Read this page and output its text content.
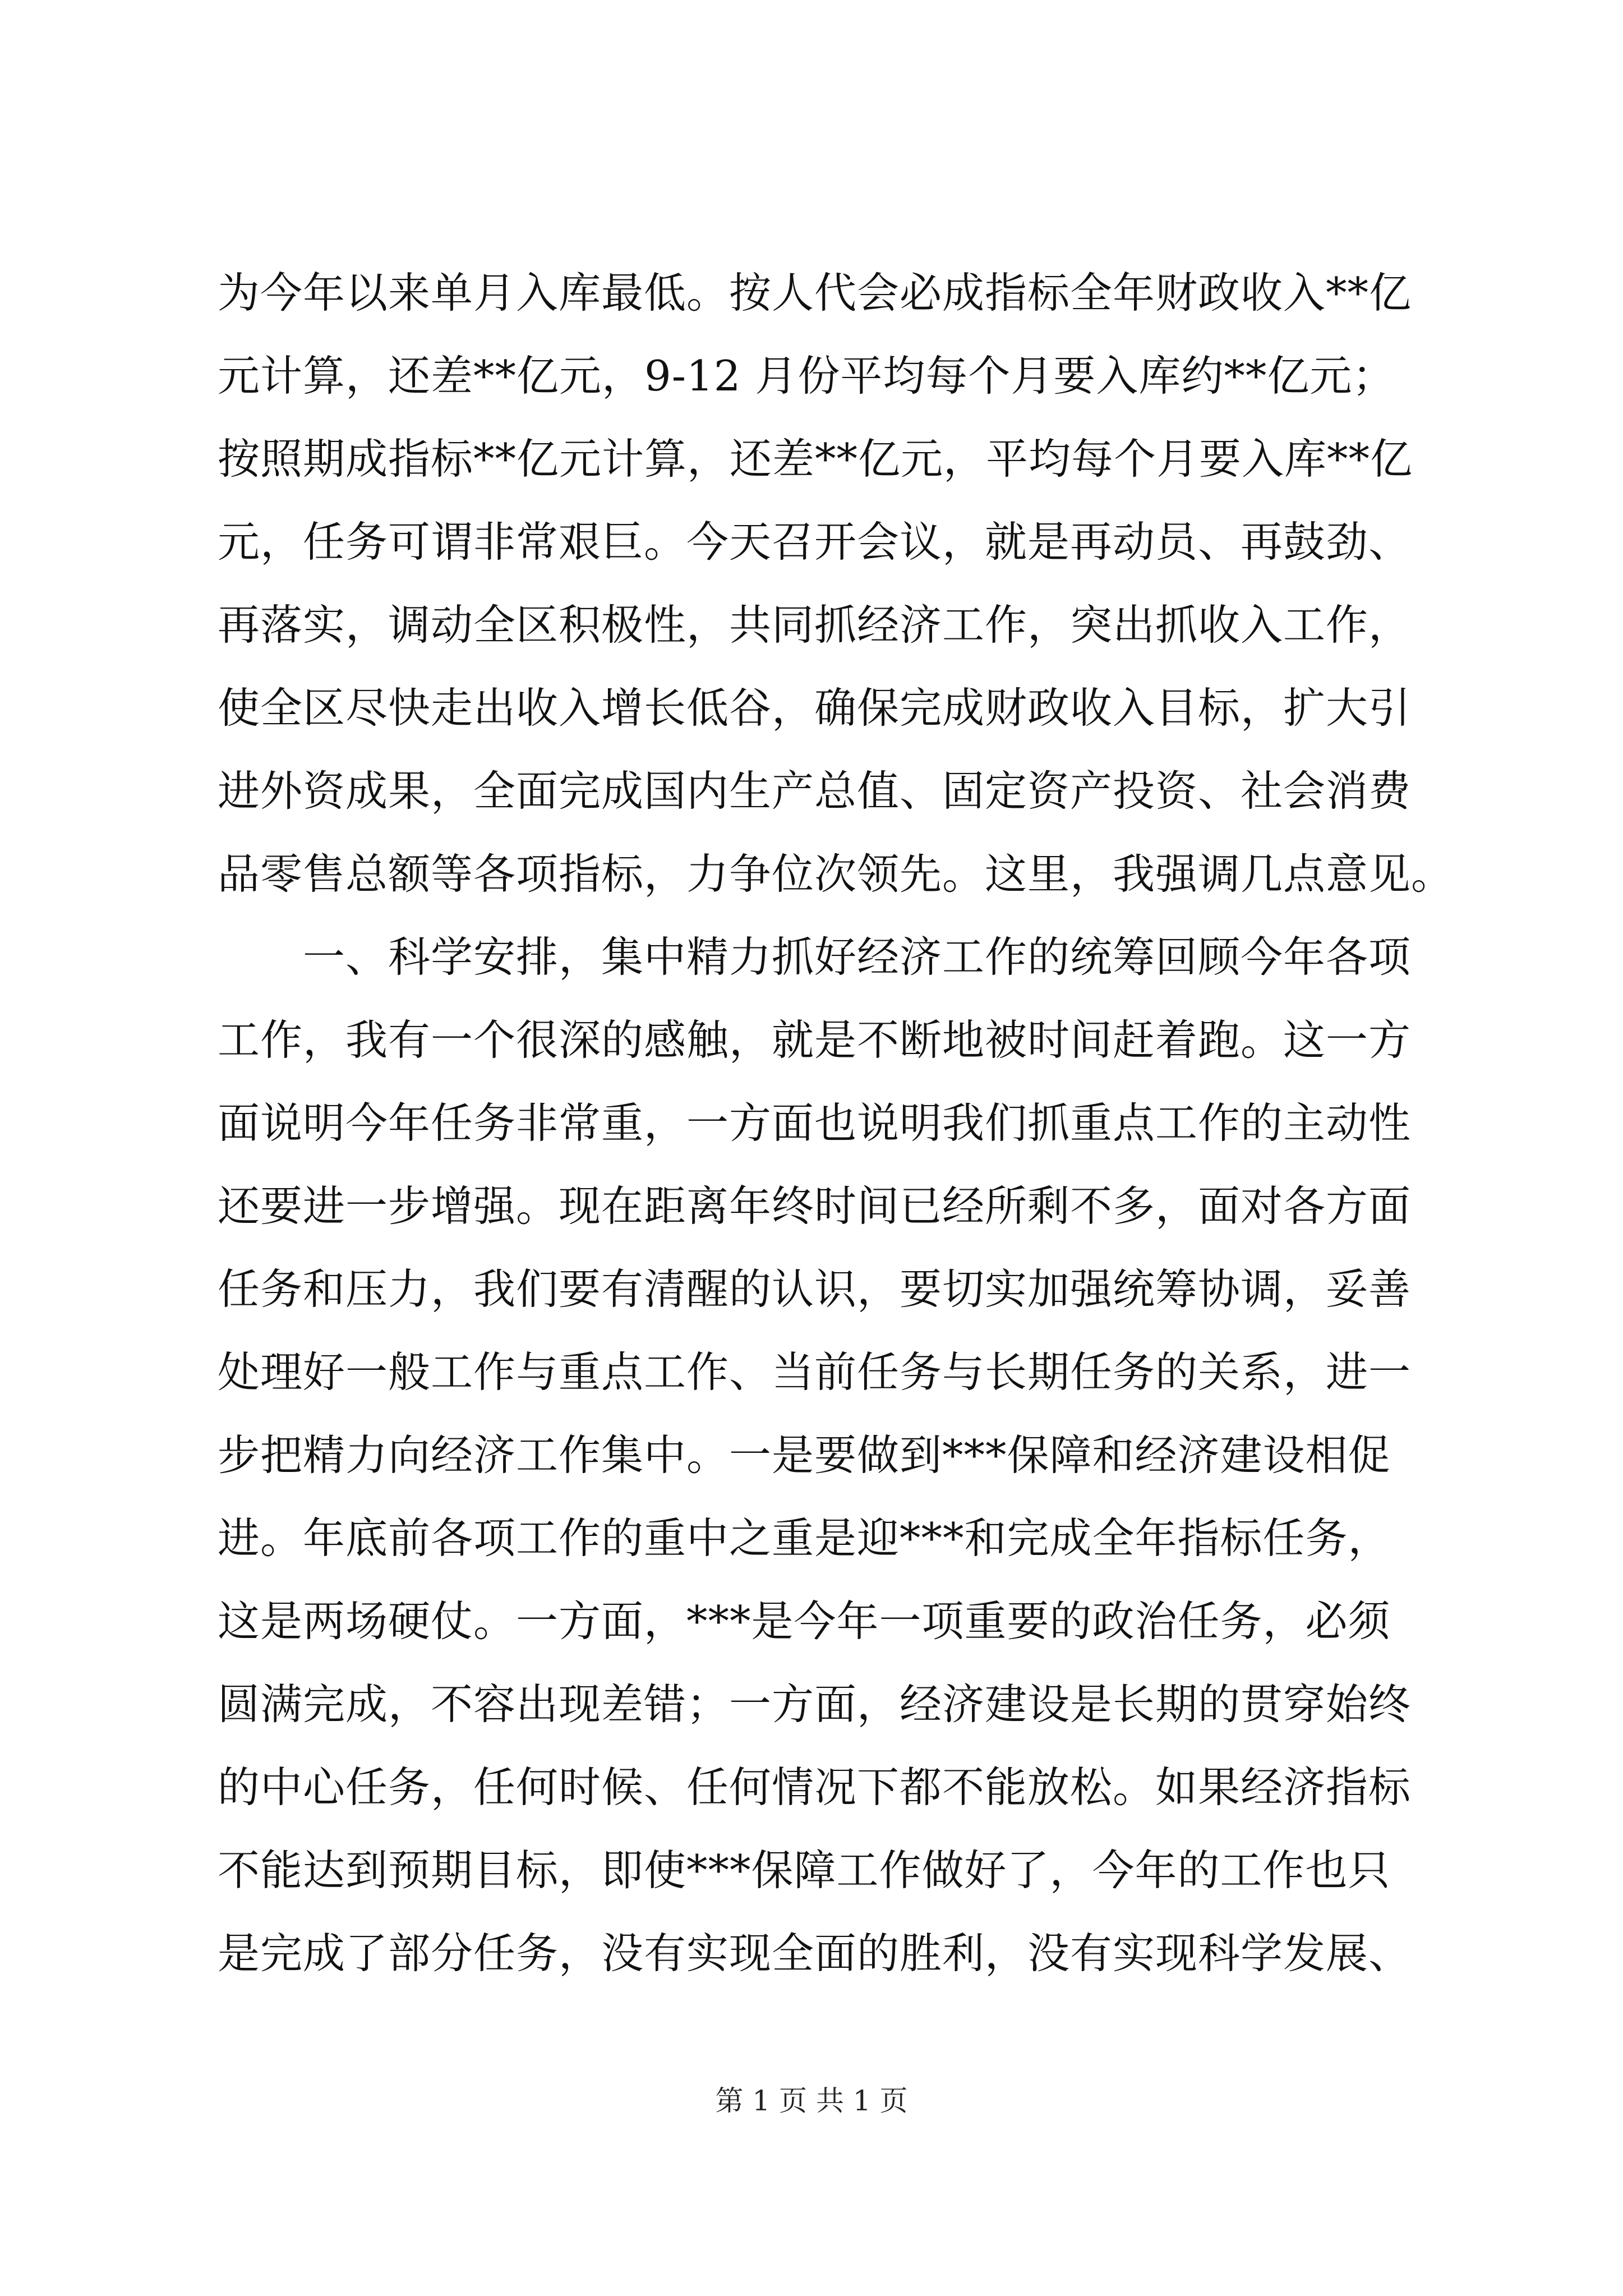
为今年以来单月入库最低。按人代会必成指标全年财政收入**亿
元计算，还差**亿元，9-12 月份平均每个月要入库约**亿元；
按照期成指标**亿元计算，还差**亿元，平均每个月要入库**亿
元，任务可谓非常艰巨。今天召开会议，就是再动员、再鼓劲、
再落实，调动全区积极性，共同抓经济工作，突出抓收入工作，
使全区尽快走出收入增长低谷，确保完成财政收入目标，扩大引
进外资成果，全面完成国内生产总值、固定资产投资、社会消费
品零售总额等各项指标，力争位次领先。这里，我强调几点意见。
　　一、科学安排，集中精力抓好经济工作的统筹回顾今年各项
工作，我有一个很深的感触，就是不断地被时间赶着跑。这一方
面说明今年任务非常重，一方面也说明我们抓重点工作的主动性
还要进一步增强。现在距离年终时间已经所剩不多，面对各方面
任务和压力，我们要有清醒的认识，要切实加强统筹协调，妥善
处理好一般工作与重点工作、当前任务与长期任务的关系，进一
步把精力向经济工作集中。一是要做到***保障和经济建设相促
进。年底前各项工作的重中之重是迎***和完成全年指标任务，
这是两场硬仗。一方面，***是今年一项重要的政治任务，必须
圆满完成，不容出现差错；一方面，经济建设是长期的贯穿始终
的中心任务，任何时候、任何情况下都不能放松。如果经济指标
不能达到预期目标，即使***保障工作做好了，今年的工作也只
是完成了部分任务，没有实现全面的胜利，没有实现科学发展、
第 1 页 共 1 页
